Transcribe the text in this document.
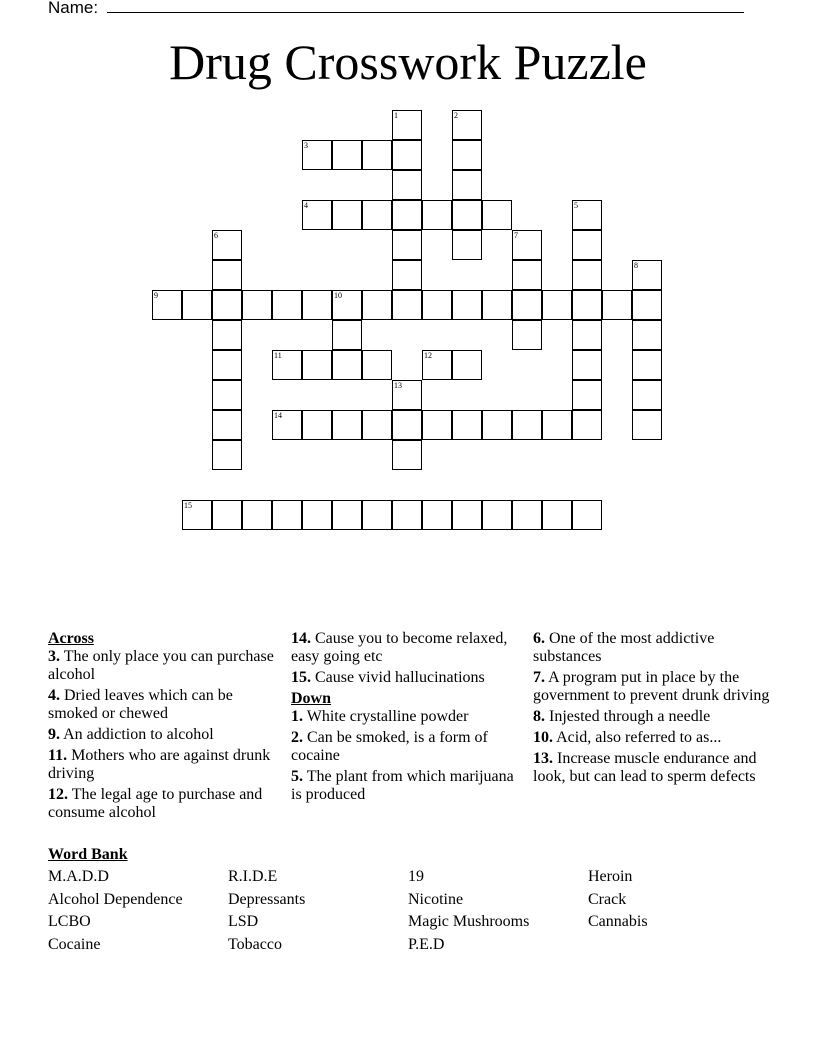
Name:
Drug Crosswork Puzzle
1	2
3
4	5
6	7
8
9	10
11	12
13
14
15
Across
3. The only place you can purchase alcohol
4. Dried leaves which can be smoked or chewed
9. An addiction to alcohol
11. Mothers who are against drunk driving
12. The legal age to purchase and consume alcohol
14. Cause you to become relaxed, easy going etc
15. Cause vivid hallucinations
Down
1. White crystalline powder
2. Can be smoked, is a form of cocaine
5. The plant from which marijuana is produced
6. One of the most addictive substances
7. A program put in place by the government to prevent drunk driving
8. Injested through a needle
10. Acid, also referred to as...
13. Increase muscle endurance and look, but can lead to sperm defects
Word Bank
M.A.D.D	R.I.D.E	19	Heroin
Alcohol Dependence	Depressants	Nicotine	Crack
LCBO	LSD	Magic Mushrooms	Cannabis
Cocaine	Tobacco	P.E.D
